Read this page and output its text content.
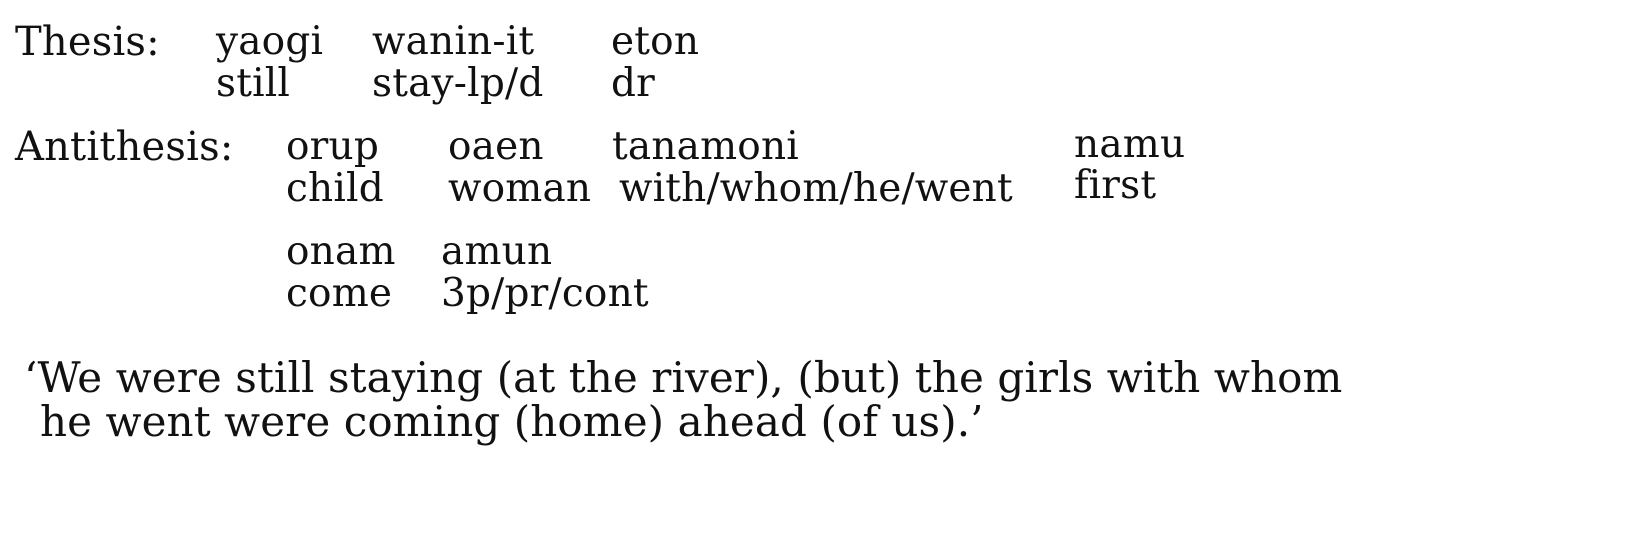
Thesis: yaogi
still
wanin-it
stay-lp/d
eton
dr
Antithesis: orup
child
oaen
woman
tanamoni
with/whom/he/went
namu
first
onam
come
amun
3p/pr/cont
‘We were still staying (at the river), (but) the girls with whom
he went were coming (home) ahead (of us).’
